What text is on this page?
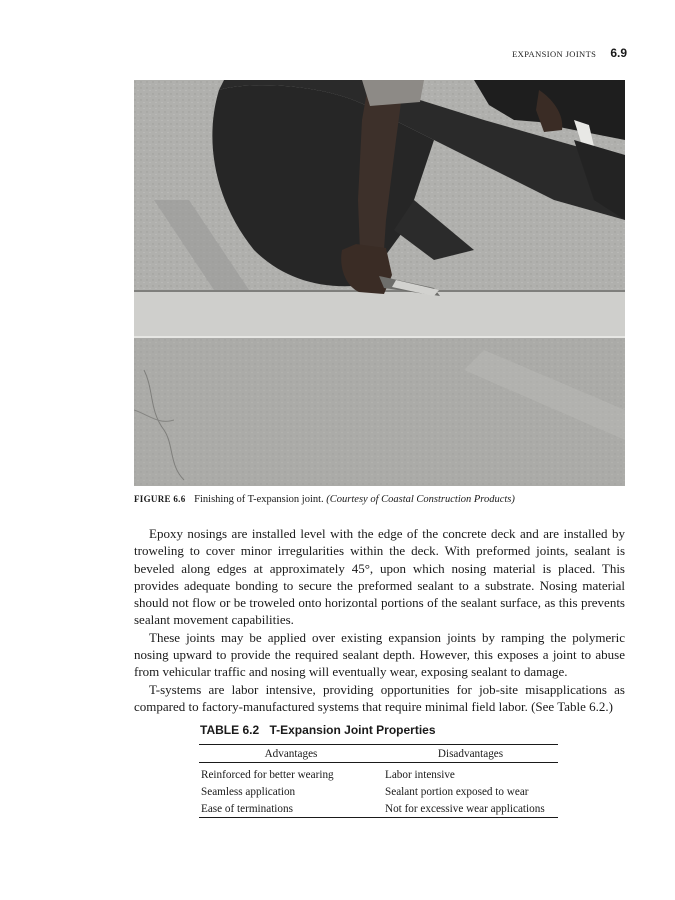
EXPANSION JOINTS 6.9
FIGURE 6.6 Finishing of T-expansion joint. (Courtesy of Coastal Construction Products)

Epoxy nosings are installed level with the edge of the concrete deck and are installed by troweling to cover minor irregularities within the deck. With preformed joints, sealant is beveled along edges at approximately 45°, upon which nosing material is placed. This provides adequate bonding to secure the preformed sealant to a substrate. Nosing material should not flow or be troweled onto horizontal portions of the sealant surface, as this prevents sealant movement capabilities.

These joints may be applied over existing expansion joints by ramping the polymeric nosing upward to provide the required sealant depth. However, this exposes a joint to abuse from vehicular traffic and nosing will eventually wear, exposing sealant to damage.

T-systems are labor intensive, providing opportunities for job-site misapplications as compared to factory-manufactured systems that require minimal field labor. (See Table 6.2.)

TABLE 6.2 T-Expansion Joint Properties
Advantages	Disadvantages
Reinforced for better wearing	Labor intensive
Seamless application	Sealant portion exposed to wear
Ease of terminations	Not for excessive wear applications
